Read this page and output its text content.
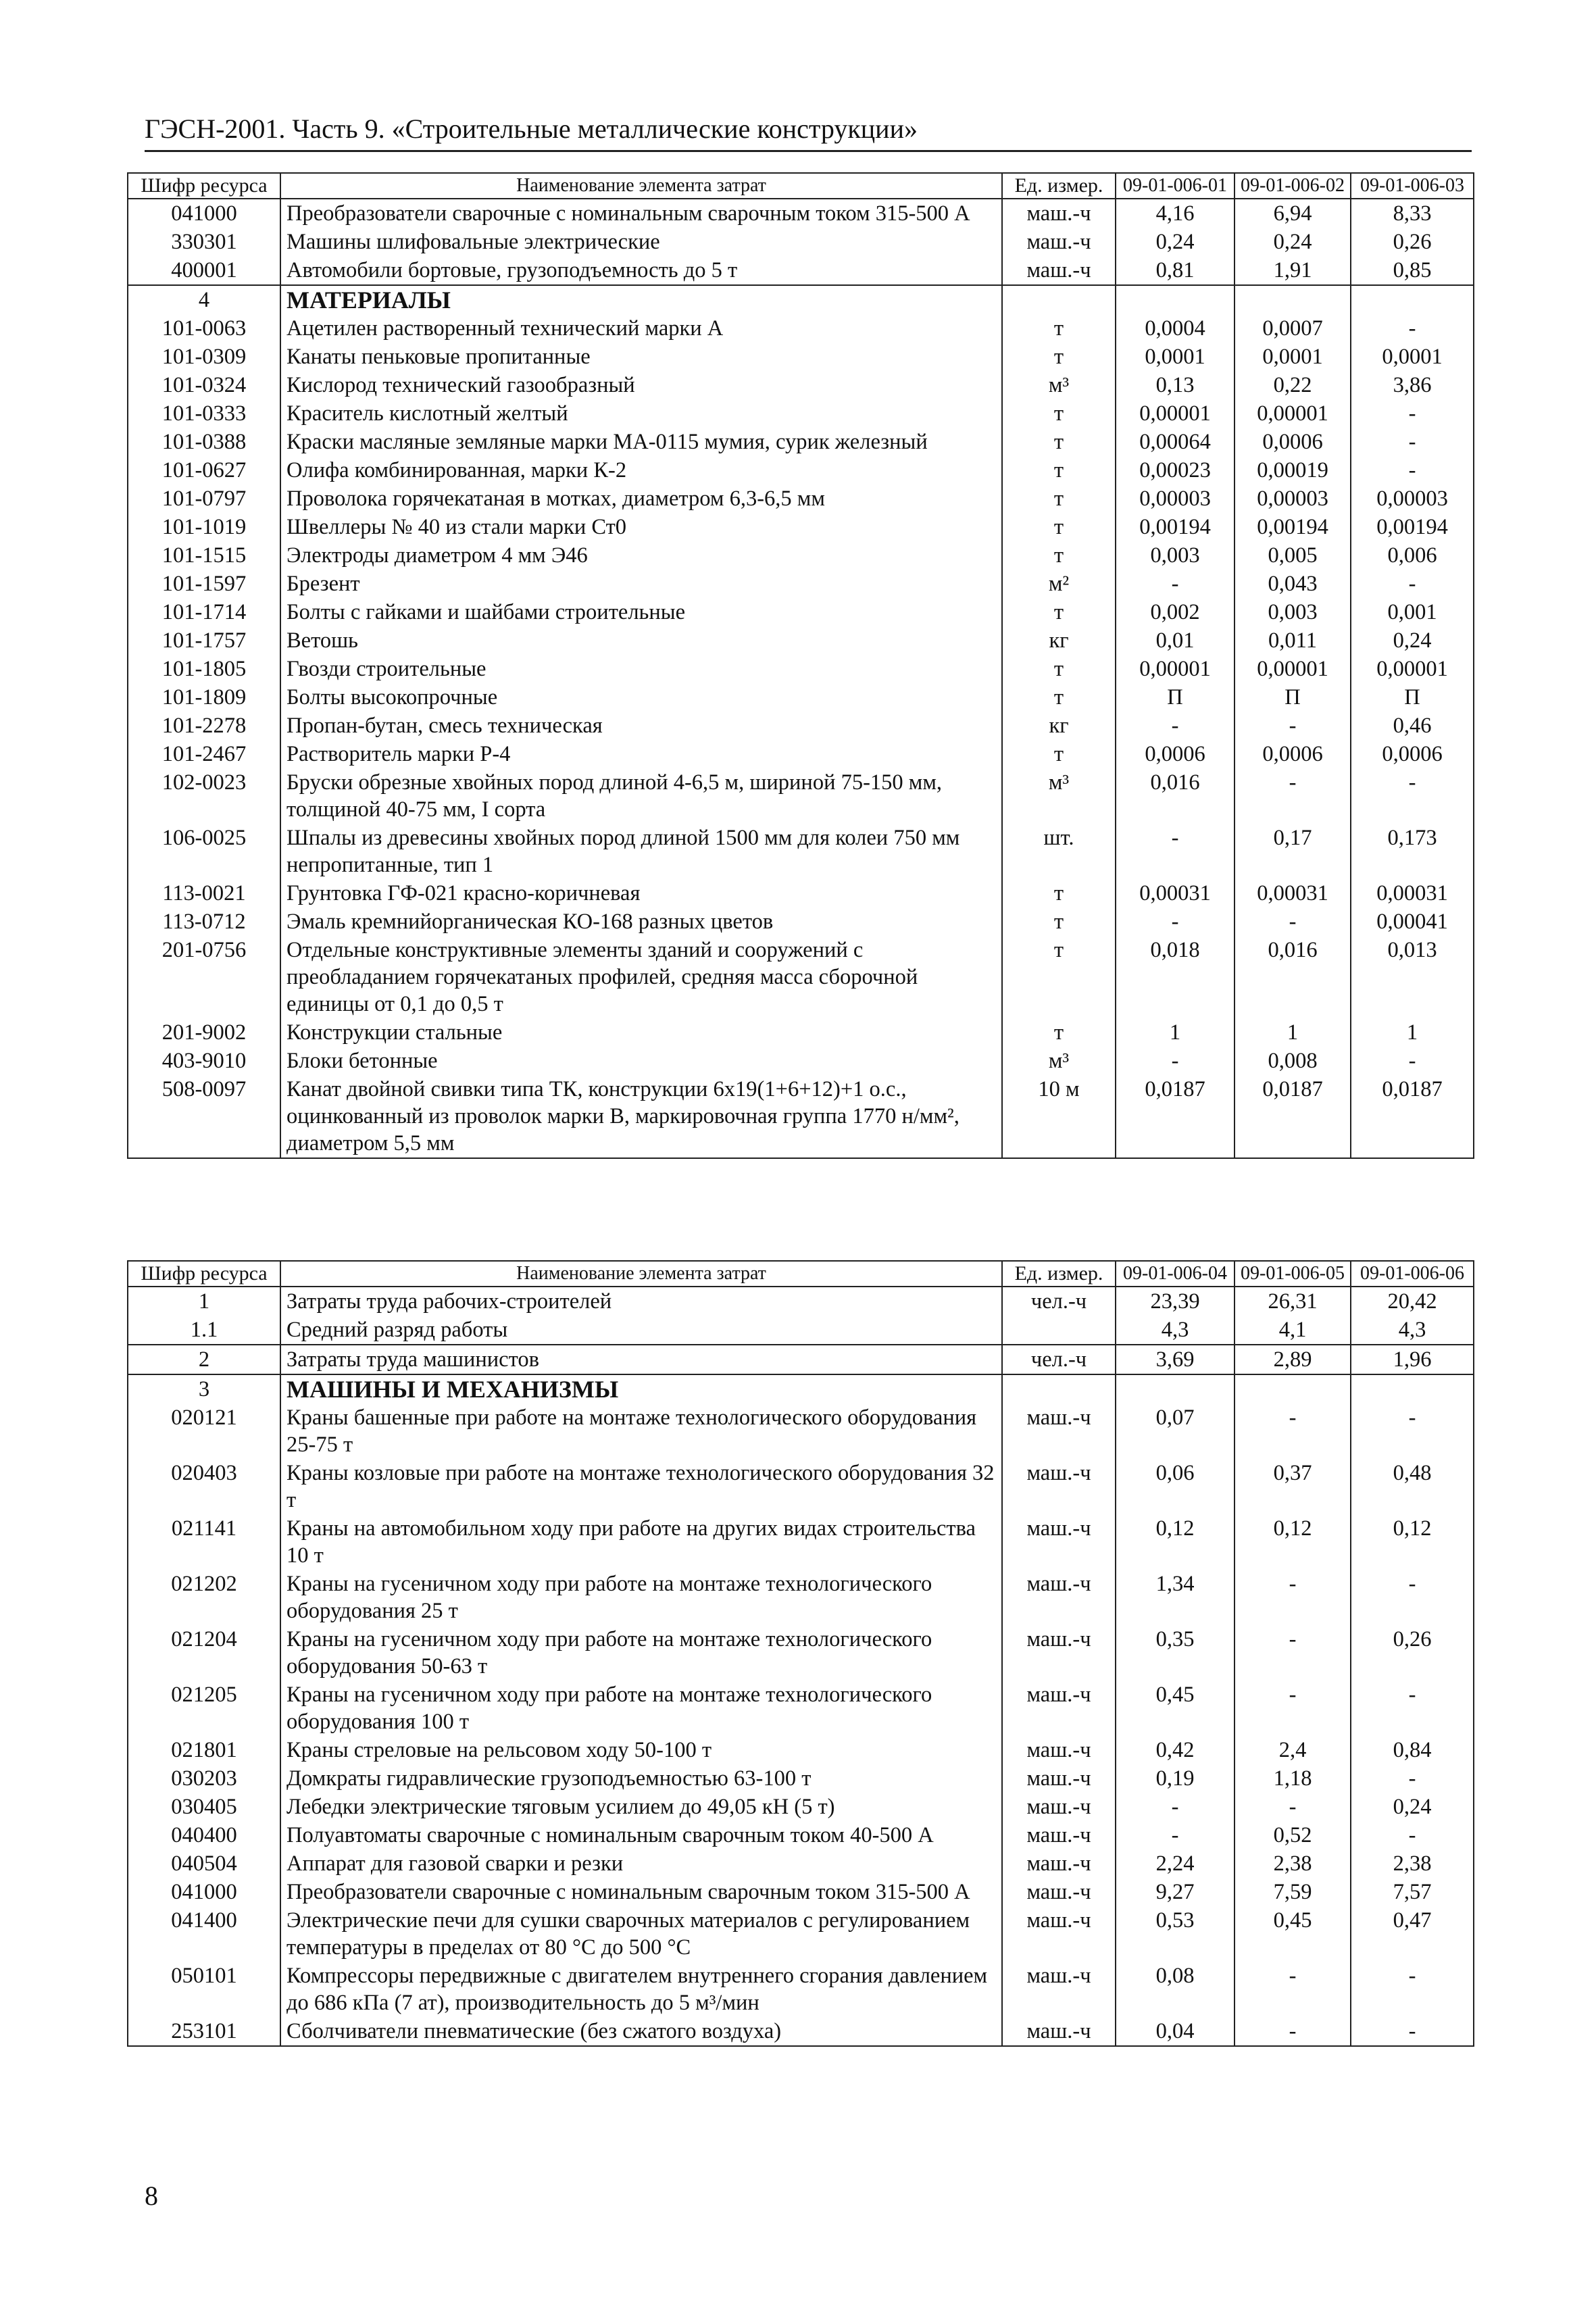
ГЭСН-2001. Часть 9. «Строительные металлические конструкции»
Шифр ресурса	Наименование элемента затрат	Ед. измер.	09-01-006-01	09-01-006-02	09-01-006-03
041000	Преобразователи сварочные с номинальным сварочным током 315-500 А	маш.-ч	4,16	6,94	8,33
330301	Машины шлифовальные электрические	маш.-ч	0,24	0,24	0,26
400001	Автомобили бортовые, грузоподъемность до 5 т	маш.-ч	0,81	1,91	0,85
4	МАТЕРИАЛЫ				
101-0063	Ацетилен растворенный технический марки А	т	0,0004	0,0007	-
101-0309	Канаты пеньковые пропитанные	т	0,0001	0,0001	0,0001
101-0324	Кислород технический газообразный	м³	0,13	0,22	3,86
101-0333	Краситель кислотный желтый	т	0,00001	0,00001	-
101-0388	Краски масляные земляные марки МА-0115 мумия, сурик железный	т	0,00064	0,0006	-
101-0627	Олифа комбинированная, марки К-2	т	0,00023	0,00019	-
101-0797	Проволока горячекатаная в мотках, диаметром 6,3-6,5 мм	т	0,00003	0,00003	0,00003
101-1019	Швеллеры № 40 из стали марки Ст0	т	0,00194	0,00194	0,00194
101-1515	Электроды диаметром 4 мм Э46	т	0,003	0,005	0,006
101-1597	Брезент	м²	-	0,043	-
101-1714	Болты с гайками и шайбами строительные	т	0,002	0,003	0,001
101-1757	Ветошь	кг	0,01	0,011	0,24
101-1805	Гвозди строительные	т	0,00001	0,00001	0,00001
101-1809	Болты высокопрочные	т	П	П	П
101-2278	Пропан-бутан, смесь техническая	кг	-	-	0,46
101-2467	Растворитель марки Р-4	т	0,0006	0,0006	0,0006
102-0023	Бруски обрезные хвойных пород длиной 4-6,5 м, шириной 75-150 мм, толщиной 40-75 мм, I сорта	м³	0,016	-	-
106-0025	Шпалы из древесины хвойных пород длиной 1500 мм для колеи 750 мм непропитанные, тип 1	шт.	-	0,17	0,173
113-0021	Грунтовка ГФ-021 красно-коричневая	т	0,00031	0,00031	0,00031
113-0712	Эмаль кремнийорганическая КО-168 разных цветов	т	-	-	0,00041
201-0756	Отдельные конструктивные элементы зданий и сооружений с преобладанием горячекатаных профилей, средняя масса сборочной единицы от 0,1 до 0,5 т	т	0,018	0,016	0,013
201-9002	Конструкции стальные	т	1	1	1
403-9010	Блоки бетонные	м³	-	0,008	-
508-0097	Канат двойной свивки типа ТК, конструкции 6х19(1+6+12)+1 о.с., оцинкованный из проволок марки В, маркировочная группа 1770 н/мм², диаметром 5,5 мм	10 м	0,0187	0,0187	0,0187
Шифр ресурса	Наименование элемента затрат	Ед. измер.	09-01-006-04	09-01-006-05	09-01-006-06
1	Затраты труда рабочих-строителей	чел.-ч	23,39	26,31	20,42
1.1	Средний разряд работы		4,3	4,1	4,3
2	Затраты труда машинистов	чел.-ч	3,69	2,89	1,96
3	МАШИНЫ И МЕХАНИЗМЫ				
020121	Краны башенные при работе на монтаже технологического оборудования 25-75 т	маш.-ч	0,07	-	-
020403	Краны козловые при работе на монтаже технологического оборудования 32 т	маш.-ч	0,06	0,37	0,48
021141	Краны на автомобильном ходу при работе на других видах строительства 10 т	маш.-ч	0,12	0,12	0,12
021202	Краны на гусеничном ходу при работе на монтаже технологического оборудования 25 т	маш.-ч	1,34	-	-
021204	Краны на гусеничном ходу при работе на монтаже технологического оборудования 50-63 т	маш.-ч	0,35	-	0,26
021205	Краны на гусеничном ходу при работе на монтаже технологического оборудования 100 т	маш.-ч	0,45	-	-
021801	Краны стреловые на рельсовом ходу 50-100 т	маш.-ч	0,42	2,4	0,84
030203	Домкраты гидравлические грузоподъемностью 63-100 т	маш.-ч	0,19	1,18	-
030405	Лебедки электрические тяговым усилием до 49,05 кН (5 т)	маш.-ч	-	-	0,24
040400	Полуавтоматы сварочные с номинальным сварочным током 40-500 А	маш.-ч	-	0,52	-
040504	Аппарат для газовой сварки и резки	маш.-ч	2,24	2,38	2,38
041000	Преобразователи сварочные с номинальным сварочным током 315-500 А	маш.-ч	9,27	7,59	7,57
041400	Электрические печи для сушки сварочных материалов с регулированием температуры в пределах от 80 °С до 500 °С	маш.-ч	0,53	0,45	0,47
050101	Компрессоры передвижные с двигателем внутреннего сгорания давлением до 686 кПа (7 ат), производительность до 5 м³/мин	маш.-ч	0,08	-	-
253101	Сболчиватели пневматические (без сжатого воздуха)	маш.-ч	0,04	-	-
8
